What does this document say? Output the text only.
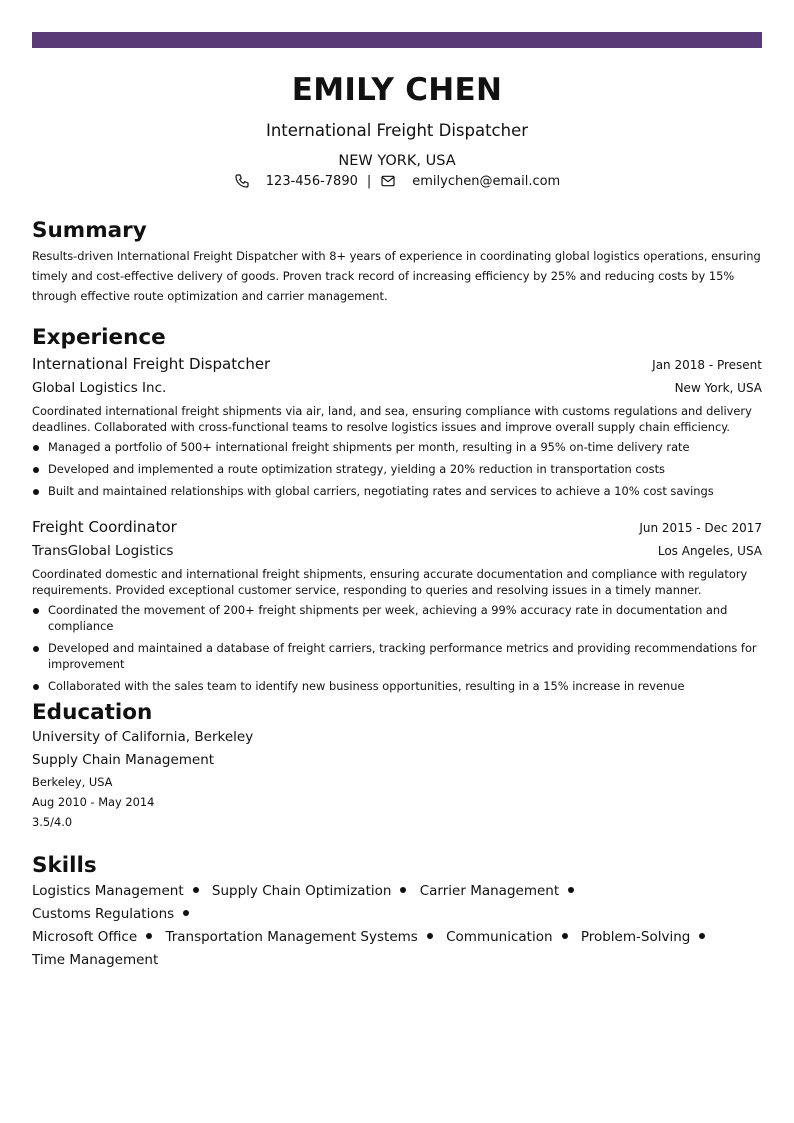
EMILY CHEN
International Freight Dispatcher
NEW YORK, USA
123-456-7890 |	emilychen@email.com
Summary
Results-driven International Freight Dispatcher with 8+ years of experience in coordinating global logistics operations, ensuring timely and cost-effective delivery of goods. Proven track record of increasing efficiency by 25% and reducing costs by 15% through effective route optimization and carrier management.
Experience
International Freight Dispatcher	Jan 2018 - Present
Global Logistics Inc.	New York, USA
Coordinated international freight shipments via air, land, and sea, ensuring compliance with customs regulations and delivery deadlines. Collaborated with cross-functional teams to resolve logistics issues and improve overall supply chain efficiency.
Managed a portfolio of 500+ international freight shipments per month, resulting in a 95% on-time delivery rate
Developed and implemented a route optimization strategy, yielding a 20% reduction in transportation costs
Built and maintained relationships with global carriers, negotiating rates and services to achieve a 10% cost savings
Freight Coordinator	Jun 2015 - Dec 2017
TransGlobal Logistics	Los Angeles, USA
Coordinated domestic and international freight shipments, ensuring accurate documentation and compliance with regulatory requirements. Provided exceptional customer service, responding to queries and resolving issues in a timely manner.
Coordinated the movement of 200+ freight shipments per week, achieving a 99% accuracy rate in documentation and compliance
Developed and maintained a database of freight carriers, tracking performance metrics and providing recommendations for improvement
Collaborated with the sales team to identify new business opportunities, resulting in a 15% increase in revenue
Education
University of California, Berkeley
Supply Chain Management
Berkeley, USA
Aug 2010 - May 2014
3.5/4.0
Skills
Logistics Management Supply Chain Optimization Carrier Management Customs Regulations
Microsoft Office Transportation Management Systems Communication Problem-Solving
Time Management
